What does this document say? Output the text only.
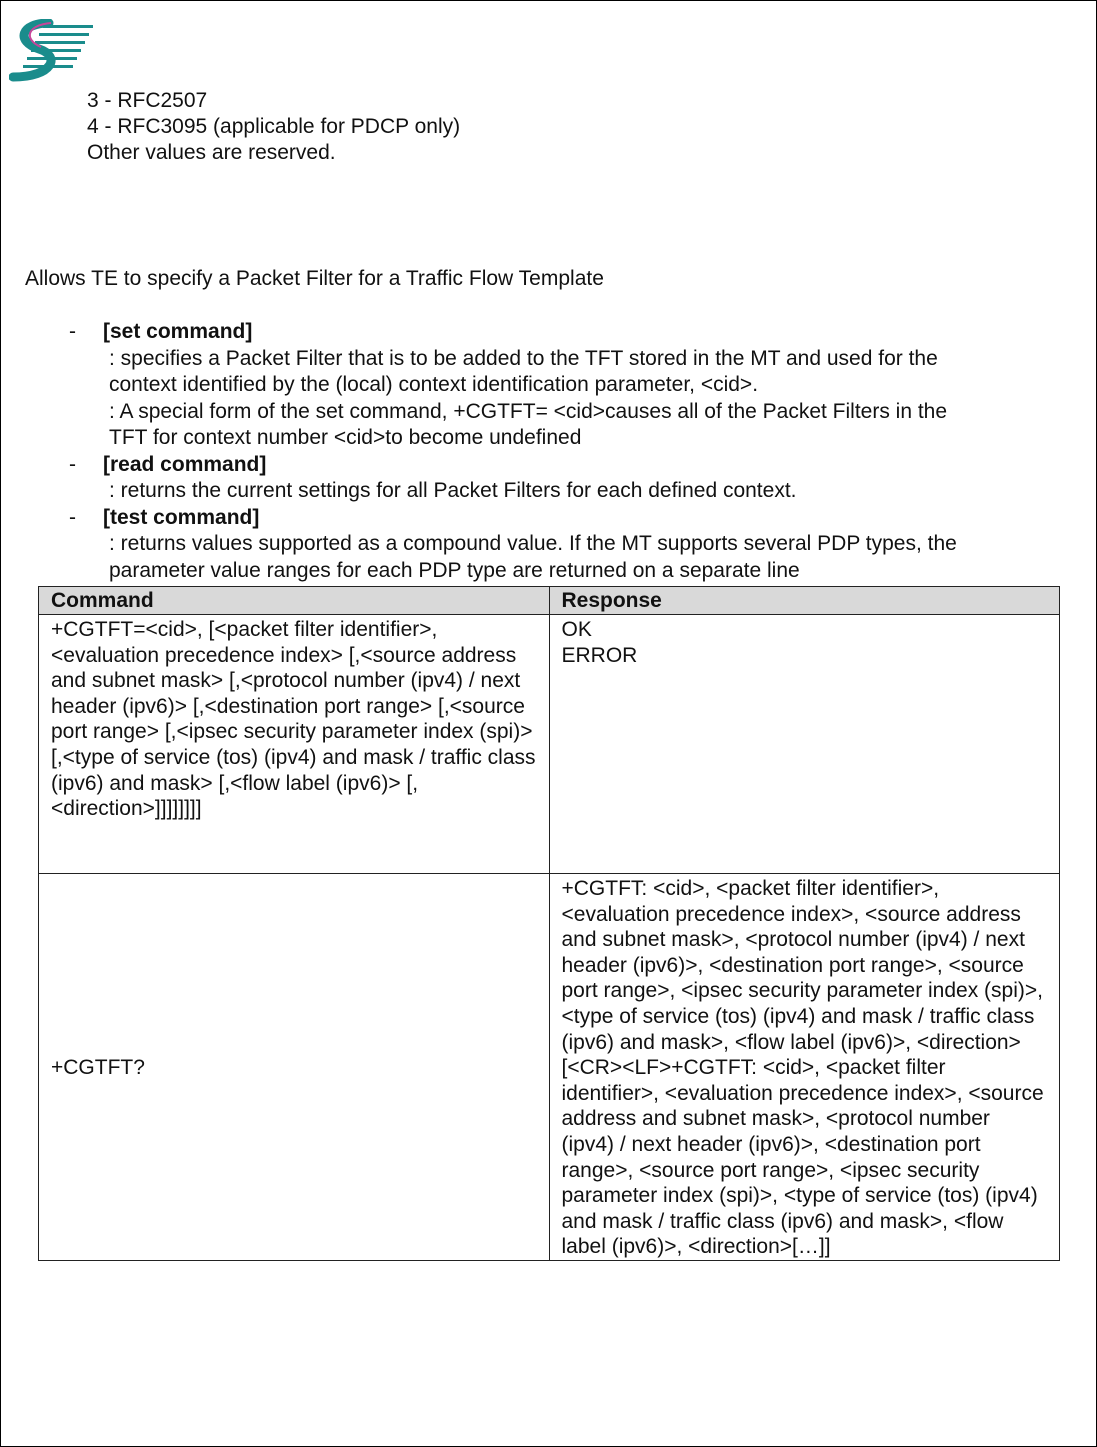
3 - RFC2507
4 - RFC3095 (applicable for PDCP only)
Other values are reserved.
Allows TE to specify a Packet Filter for a Traffic Flow Template
- [set command]
: specifies a Packet Filter that is to be added to the TFT stored in the MT and used for the
context identified by the (local) context identification parameter, <cid>.
: A special form of the set command, +CGTFT= <cid>causes all of the Packet Filters in the
TFT for context number <cid>to become undefined
- [read command]
: returns the current settings for all Packet Filters for each defined context.
- [test command]
: returns values supported as a compound value. If the MT supports several PDP types, the
parameter value ranges for each PDP type are returned on a separate line
Command	Response
+CGTFT=<cid>, [<packet filter identifier>, <evaluation precedence index> [,<source address and subnet mask> [,<protocol number (ipv4) / next header (ipv6)> [,<destination port range> [,<source port range> [,<ipsec security parameter index (spi)> [,<type of service (tos) (ipv4) and mask / traffic class (ipv6) and mask> [,<flow label (ipv6)> [,<direction>]]]]]]]]	OK
ERROR

+CGTFT?	+CGTFT: <cid>, <packet filter identifier>, <evaluation precedence index>, <source address and subnet mask>, <protocol number (ipv4) / next header (ipv6)>, <destination port range>, <source port range>, <ipsec security parameter index (spi)>, <type of service (tos) (ipv4) and mask / traffic class (ipv6) and mask>, <flow label (ipv6)>, <direction>
[<CR><LF>+CGTFT: <cid>, <packet filter identifier>, <evaluation precedence index>, <source address and subnet mask>, <protocol number (ipv4) / next header (ipv6)>, <destination port range>, <source port range>, <ipsec security parameter index (spi)>, <type of service (tos) (ipv4) and mask / traffic class (ipv6) and mask>, <flow label (ipv6)>, <direction>[…]]
